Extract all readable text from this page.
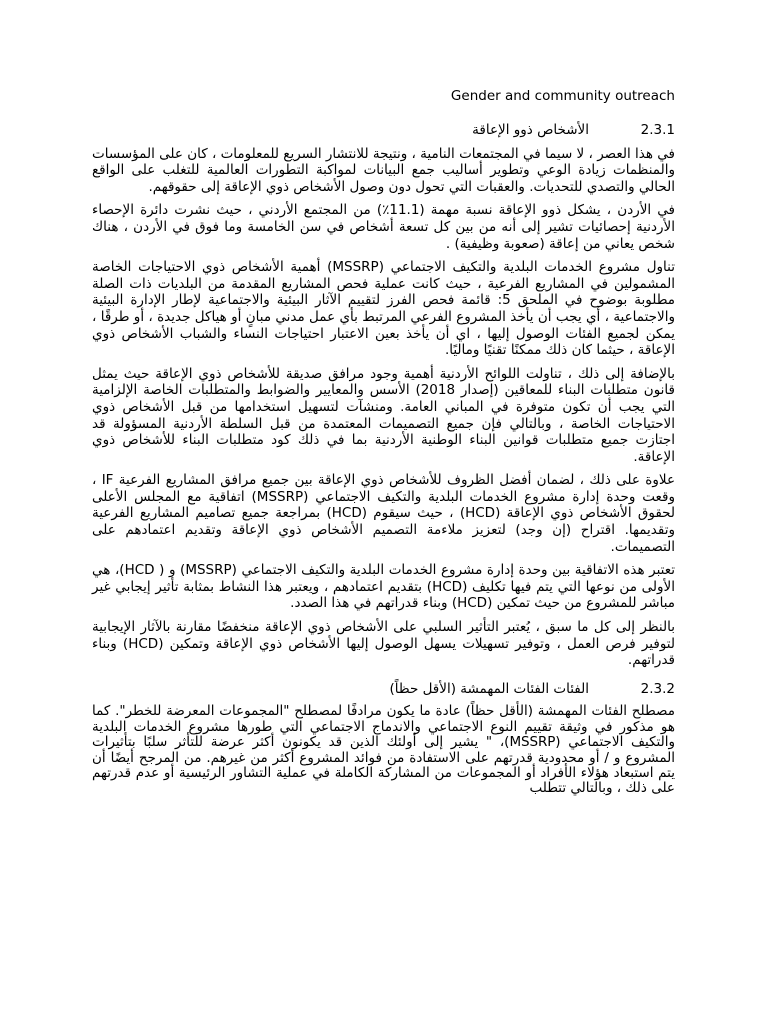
Gender and community outreach
2.3.1
الأشخاص ذوو الإعاقة

في هذا العصر ، لا سيما في المجتمعات النامية ، ونتيجة للانتشار السريع للمعلومات ، كان على المؤسسات والمنظمات زيادة الوعي وتطوير أساليب جمع البيانات لمواكبة التطورات العالمية للتغلب على الواقع الحالي والتصدي للتحديات. والعقبات التي تحول دون وصول الأشخاص ذوي الإعاقة إلى حقوقهم.

في الأردن ، يشكل ذوو الإعاقة نسبة مهمة (11.1٪) من المجتمع الأردني ، حيث نشرت دائرة الإحصاء الأردنية إحصائيات تشير إلى أنه من بين كل تسعة أشخاص في سن الخامسة وما فوق في الأردن ، هناك شخص يعاني من إعاقة (صعوبة وظيفية) .

تناول مشروع الخدمات البلدية والتكيف الاجتماعي (MSSRP) أهمية الأشخاص ذوي الاحتياجات الخاصة المشمولين في المشاريع الفرعية ، حيث كانت عملية فحص المشاريع المقدمة من البلديات ذات الصلة مطلوبة بوضوح في الملحق 5: قائمة فحص الفرز لتقييم الآثار البيئية والاجتماعية لإطار الإدارة البيئية والاجتماعية ، أي يجب أن يأخذ المشروع الفرعي المرتبط بأي عمل مدني مبانٍ أو هياكل جديدة ، أو طرقًا ، يمكن لجميع الفئات الوصول إليها ، اي أن يأخذ بعين الاعتبار احتياجات النساء والشباب الأشخاص ذوي الإعاقة ، حيثما كان ذلك ممكنًا تقنيًا وماليًا.

بالإضافة إلى ذلك ، تناولت اللوائح الأردنية أهمية وجود مرافق صديقة للأشخاص ذوي الإعاقة حيث يمثل قانون متطلبات البناء للمعاقين (إصدار 2018) الأسس والمعايير والضوابط والمتطلبات الخاصة الإلزامية التي يجب أن تكون متوفرة في المباني العامة. ومنشآت لتسهيل استخدامها من قبل الأشخاص ذوي الاحتياجات الخاصة ، وبالتالي فإن جميع التصميمات المعتمدة من قبل السلطة الأردنية المسؤولة قد اجتازت جميع متطلبات قوانين البناء الوطنية الأردنية بما في ذلك كود متطلبات البناء للأشخاص ذوي الإعاقة.

علاوة على ذلك ، لضمان أفضل الظروف للأشخاص ذوي الإعاقة بين جميع مرافق المشاريع الفرعية IF ، وقعت وحدة إدارة مشروع الخدمات البلدية والتكيف الاجتماعي (MSSRP) اتفاقية مع المجلس الأعلى لحقوق الأشخاص ذوي الإعاقة (HCD) ، حيث سيقوم (HCD) بمراجعة جميع تصاميم المشاريع الفرعية وتقديمها. اقتراح (إن وجد) لتعزيز ملاءمة التصميم الأشخاص ذوي الإعاقة وتقديم اعتمادهم على التصميمات.

تعتبر هذه الاتفاقية بين وحدة إدارة مشروع الخدمات البلدية والتكيف الاجتماعي (MSSRP) و ( HCD)، هي الأولى من نوعها التي يتم فيها تكليف (HCD) بتقديم اعتمادهم ، ويعتبر هذا النشاط بمثابة تأثير إيجابي غير مباشر للمشروع من حيث تمكين (HCD) وبناء قدراتهم في هذا الصدد.

بالنظر إلى كل ما سبق ، يُعتبر التأثير السلبي على الأشخاص ذوي الإعاقة منخفضًا مقارنة بالآثار الإيجابية لتوفير فرص العمل ، وتوفير تسهيلات يسهل الوصول إليها الأشخاص ذوي الإعاقة وتمكين (HCD) وبناء قدراتهم.

2.3.2
الفئات الفئات المهمشة (الأقل حظاً)

مصطلح الفئات المهمشة (الأقل حظاً) عادة ما يكون مرادفًا لمصطلح "المجموعات المعرضة للخطر". كما هو مذكور في وثيقة تقييم النوع الاجتماعي والاندماج الاجتماعي التي طورها مشروع الخدمات البلدية والتكيف الاجتماعي (MSSRP)، " يشير إلى أولئك الذين قد يكونون أكثر عرضة للتأثر سلبًا بتأثيرات المشروع و / أو محدودية قدرتهم على الاستفادة من فوائد المشروع أكثر من غيرهم. من المرجح أيضًا أن يتم استبعاد هؤلاء الأفراد أو المجموعات من المشاركة الكاملة في عملية التشاور الرئيسية أو عدم قدرتهم على ذلك ، وبالتالي تتطلب
